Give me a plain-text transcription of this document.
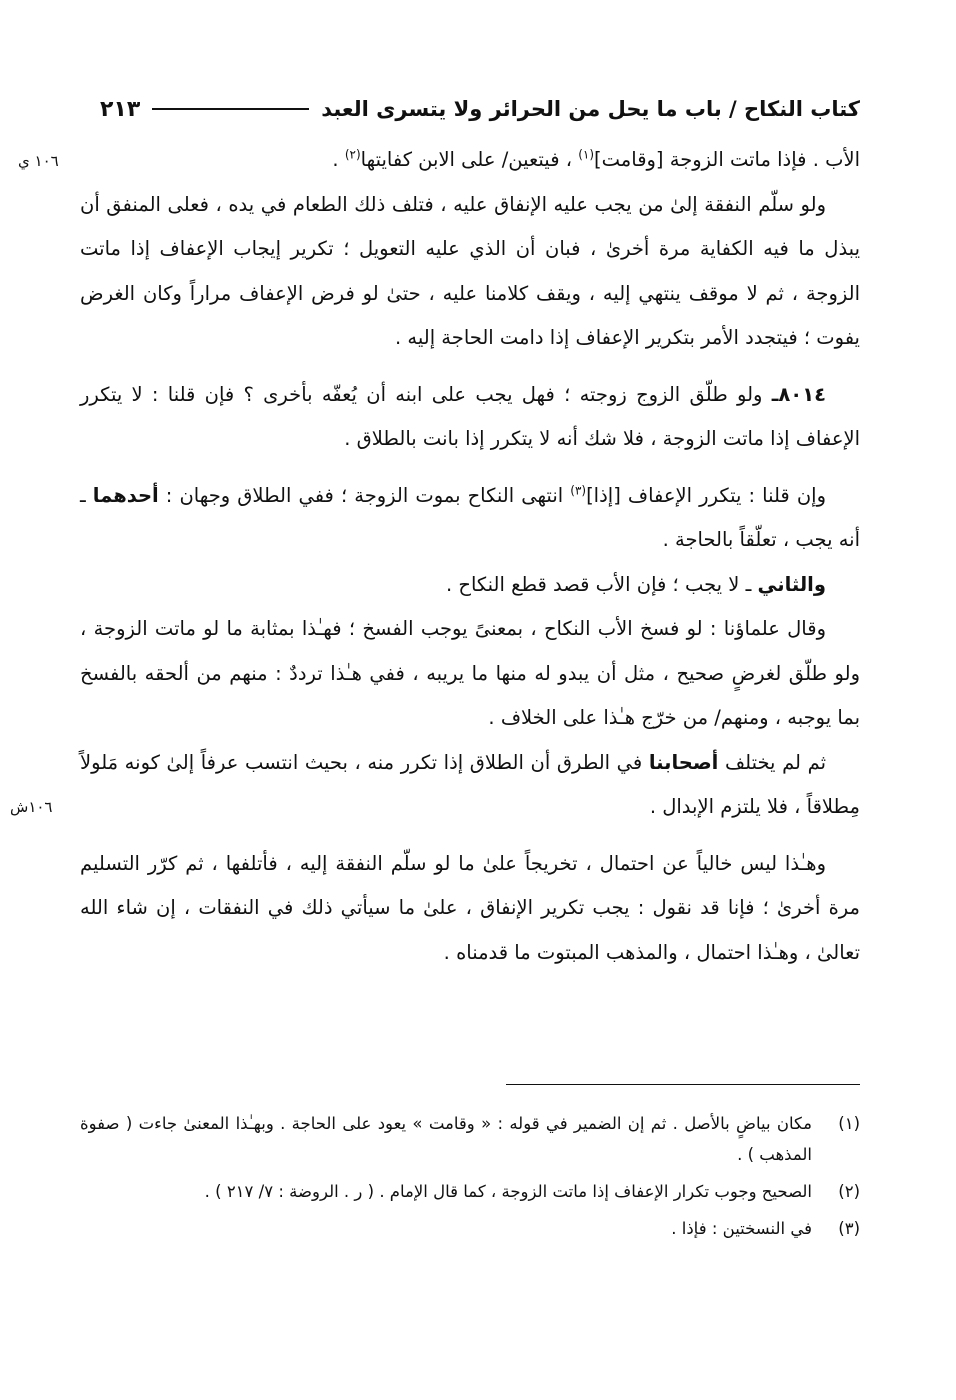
كتاب النكاح / باب ما يحل من الحرائر ولا يتسرى العبد
٢١٣
١٠٦ ي
١٠٦ش

الأب . فإذا ماتت الزوجة [وقامت]$^{(١)}$ ، فيتعين/ على الابن كفايتها$^{(٢)}$ .

ولو سلّم النفقة إلىٰ من يجب عليه الإنفاق عليه ، فتلف ذلك الطعام في يده ، فعلى المنفق أن يبذل ما فيه الكفاية مرة أخرىٰ ، فبان أن الذي عليه التعويل ؛ تكرير إيجاب الإعفاف إذا ماتت الزوجة ، ثم لا موقف ينتهي إليه ، ويقف كلامنا عليه ، حتىٰ لو فرض الإعفاف مراراً وكان الغرض يفوت ؛ فيتجدد الأمر بتكرير الإعفاف إذا دامت الحاجة إليه .

٨٠١٤ـ ولو طلّق الزوج زوجته ؛ فهل يجب على ابنه أن يُعفّه بأخرى ؟ فإن قلنا : لا يتكرر الإعفاف إذا ماتت الزوجة ، فلا شك أنه لا يتكرر إذا بانت بالطلاق .

وإن قلنا : يتكرر الإعفاف [إذا]$^{(٣)}$ انتهى النكاح بموت الزوجة ؛ ففي الطلاق وجهان : أحدهما ـ أنه يجب ، تعلّقاً بالحاجة .

والثاني ـ لا يجب ؛ فإن الأب قصد قطع النكاح .

وقال علماؤنا : لو فسخ الأب النكاح ، بمعنىً يوجب الفسخ ؛ فهـٰذا بمثابة ما لو ماتت الزوجة ، ولو طلّق لغرضٍ صحيح ، مثل أن يبدو له منها ما يريبه ، ففي هـٰذا ترددٌ : منهم من ألحقه بالفسخ بما يوجبه ، ومنهم/ من خرّج هـٰذا على الخلاف .

ثم لم يختلف أصحابنا في الطرق أن الطلاق إذا تكرر منه ، بحيث انتسب عرفاً إلىٰ كونه مَلولاً مِطلاقاً ، فلا يلتزم الإبدال .

وهـٰذا ليس خالياً عن احتمال ، تخريجاً علىٰ ما لو سلّم النفقة إليه ، فأتلفها ، ثم كرّر التسليم مرة أخرىٰ ؛ فإنا قد نقول : يجب تكرير الإنفاق ، علىٰ ما سيأتي ذلك في النفقات ، إن شاء الله تعالىٰ ، وهـٰذا احتمال ، والمذهب المبتوت ما قدمناه .

(١)
مكان بياضٍ بالأصل . ثم إن الضمير في قوله : « وقامت » يعود على الحاجة . وبهـٰذا المعنىٰ جاءت ( صفوة المذهب ) .
(٢)
الصحيح وجوب تكرار الإعفاف إذا ماتت الزوجة ، كما قال الإمام . ( ر . الروضة : ٧/ ٢١٧ ) .
(٣)
في النسختين : فإذا .
